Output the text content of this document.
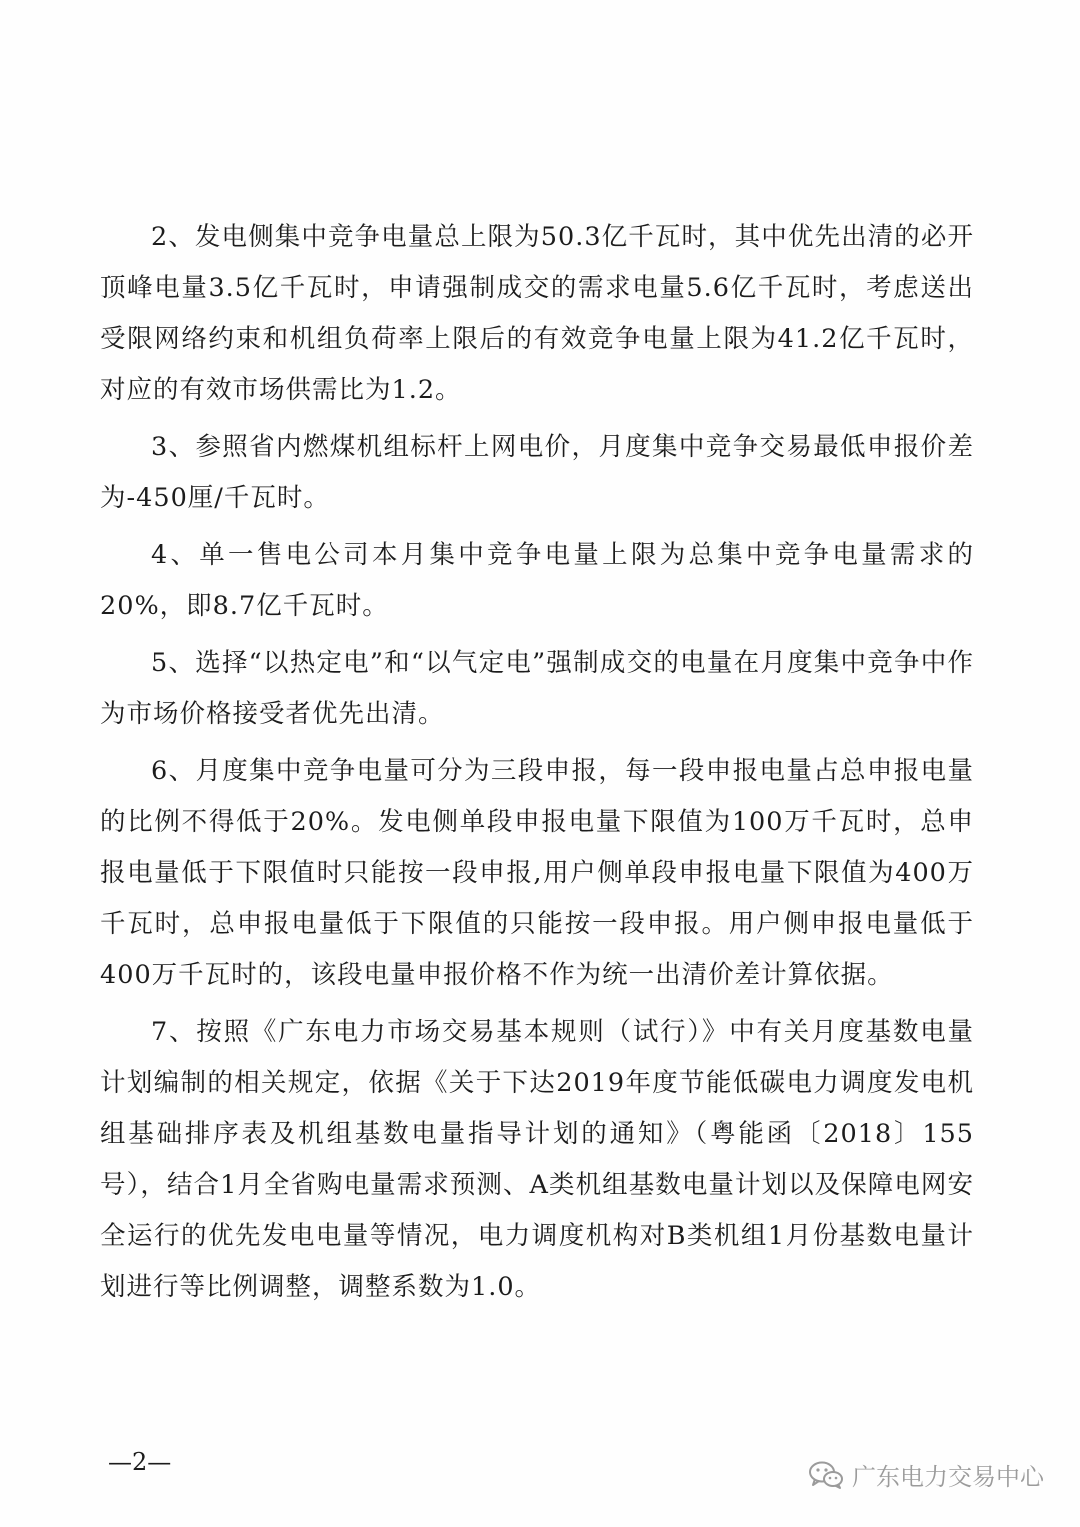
2、发电侧集中竞争电量总上限为50.3亿千瓦时，其中优先出清的必开顶峰电量3.5亿千瓦时，申请强制成交的需求电量5.6亿千瓦时，考虑送出受限网络约束和机组负荷率上限后的有效竞争电量上限为41.2亿千瓦时，对应的有效市场供需比为1.2。

3、参照省内燃煤机组标杆上网电价，月度集中竞争交易最低申报价差为-450厘/千瓦时。

4、单一售电公司本月集中竞争电量上限为总集中竞争电量需求的20%，即8.7亿千瓦时。

5、选择“以热定电”和“以气定电”强制成交的电量在月度集中竞争中作为市场价格接受者优先出清。

6、月度集中竞争电量可分为三段申报，每一段申报电量占总申报电量的比例不得低于20%。发电侧单段申报电量下限值为100万千瓦时，总申报电量低于下限值时只能按一段申报,用户侧单段申报电量下限值为400万千瓦时，总申报电量低于下限值的只能按一段申报。用户侧申报电量低于400万千瓦时的，该段电量申报价格不作为统一出清价差计算依据。

7、按照《广东电力市场交易基本规则（试行）》中有关月度基数电量计划编制的相关规定，依据《关于下达2019年度节能低碳电力调度发电机组基础排序表及机组基数电量指导计划的通知》（粤能函〔2018〕155号），结合1月全省购电量需求预测、A类机组基数电量计划以及保障电网安全运行的优先发电电量等情况，电力调度机构对B类机组1月份基数电量计划进行等比例调整，调整系数为1.0。

—2—
广东电力交易中心
